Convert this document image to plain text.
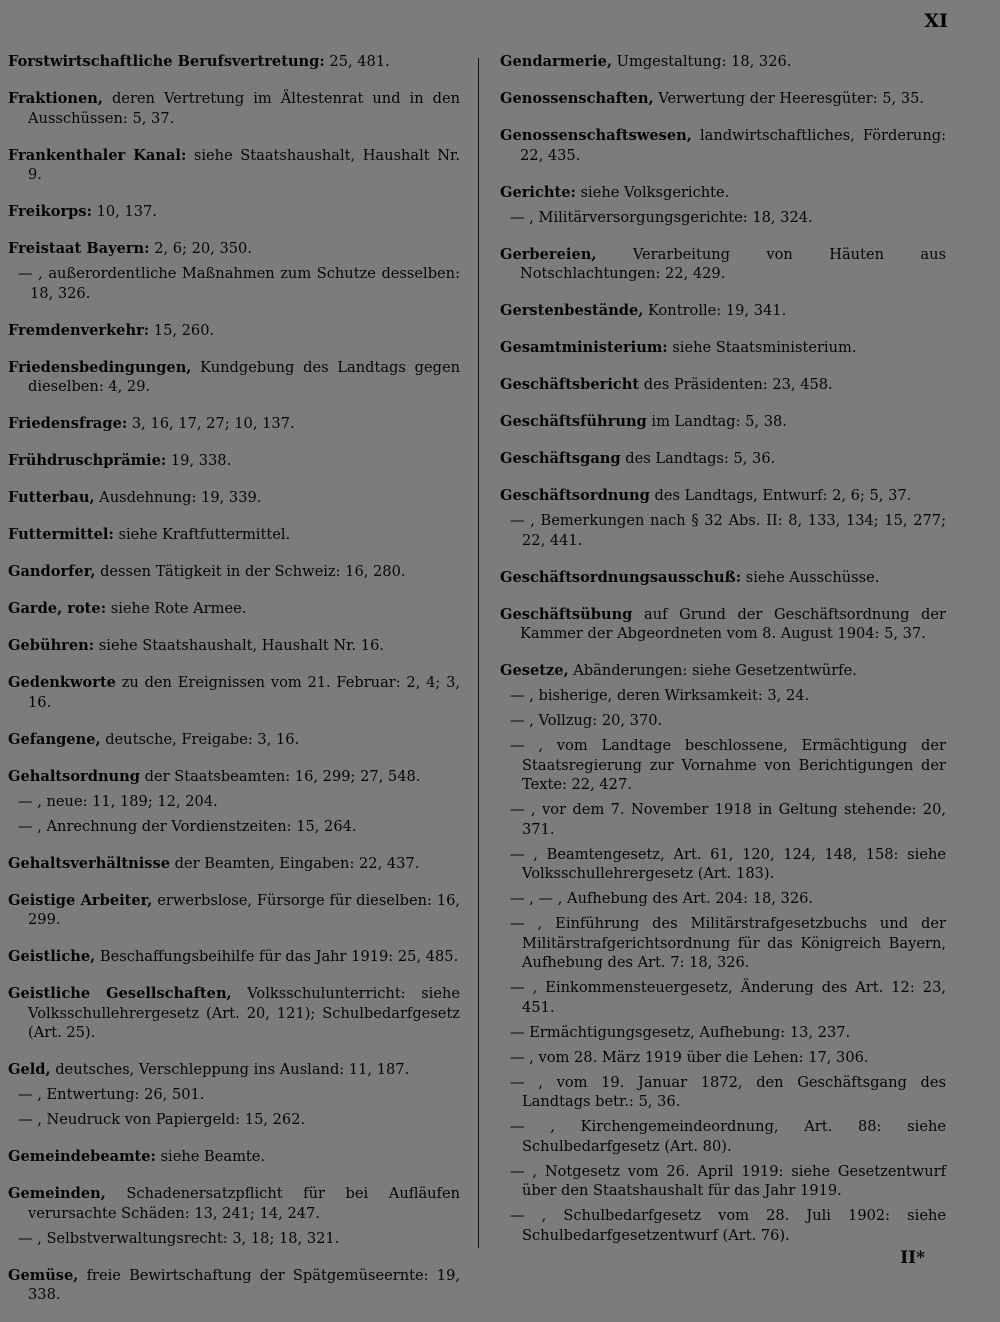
XI
Forstwirtschaftliche Berufsvertretung: 25, 481.
Fraktionen, deren Vertretung im Ältestenrat und in den Ausschüssen: 5, 37.
Frankenthaler Kanal: siehe Staatshaushalt, Haushalt Nr. 9.
Freikorps: 10, 137.
Freistaat Bayern: 2, 6; 20, 350.
— , außerordentliche Maßnahmen zum Schutze desselben: 18, 326.
Fremdenverkehr: 15, 260.
Friedensbedingungen, Kundgebung des Landtags gegen dieselben: 4, 29.
Friedensfrage: 3, 16, 17, 27; 10, 137.
Frühdruschprämie: 19, 338.
Futterbau, Ausdehnung: 19, 339.
Futtermittel: siehe Kraftfuttermittel.
Gandorfer, dessen Tätigkeit in der Schweiz: 16, 280.
Garde, rote: siehe Rote Armee.
Gebühren: siehe Staatshaushalt, Haushalt Nr. 16.
Gedenkworte zu den Ereignissen vom 21. Februar: 2, 4; 3, 16.
Gefangene, deutsche, Freigabe: 3, 16.
Gehaltsordnung der Staatsbeamten: 16, 299; 27, 548.
— , neue: 11, 189; 12, 204.
— , Anrechnung der Vordienstzeiten: 15, 264.
Gehaltsverhältnisse der Beamten, Eingaben: 22, 437.
Geistige Arbeiter, erwerbslose, Fürsorge für dieselben: 16, 299.
Geistliche, Beschaffungsbeihilfe für das Jahr 1919: 25, 485.
Geistliche Gesellschaften, Volksschulunterricht: siehe Volksschullehrergesetz (Art. 20, 121); Schulbedarfgesetz (Art. 25).
Geld, deutsches, Verschleppung ins Ausland: 11, 187.
— , Entwertung: 26, 501.
— , Neudruck von Papiergeld: 15, 262.
Gemeindebeamte: siehe Beamte.
Gemeinden, Schadenersatzpflicht für bei Aufläufen verursachte Schäden: 13, 241; 14, 247.
— , Selbstverwaltungsrecht: 3, 18; 18, 321.
Gemüse, freie Bewirtschaftung der Spätgemüseernte: 19, 338.
Gendarmerie, Umgestaltung: 18, 326.
Genossenschaften, Verwertung der Heeresgüter: 5, 35.
Genossenschaftswesen, landwirtschaftliches, Förderung: 22, 435.
Gerichte: siehe Volksgerichte.
— , Militärversorgungsgerichte: 18, 324.
Gerbereien, Verarbeitung von Häuten aus Notschlachtungen: 22, 429.
Gerstenbestände, Kontrolle: 19, 341.
Gesamtministerium: siehe Staatsministerium.
Geschäftsbericht des Präsidenten: 23, 458.
Geschäftsführung im Landtag: 5, 38.
Geschäftsgang des Landtags: 5, 36.
Geschäftsordnung des Landtags, Entwurf: 2, 6; 5, 37.
— , Bemerkungen nach § 32 Abs. II: 8, 133, 134; 15, 277; 22, 441.
Geschäftsordnungsausschuß: siehe Ausschüsse.
Geschäftsübung auf Grund der Geschäftsordnung der Kammer der Abgeordneten vom 8. August 1904: 5, 37.
Gesetze, Abänderungen: siehe Gesetzentwürfe.
— , bisherige, deren Wirksamkeit: 3, 24.
— , Vollzug: 20, 370.
— , vom Landtage beschlossene, Ermächtigung der Staatsregierung zur Vornahme von Berichtigungen der Texte: 22, 427.
— , vor dem 7. November 1918 in Geltung stehende: 20, 371.
— , Beamtengesetz, Art. 61, 120, 124, 148, 158: siehe Volksschullehrergesetz (Art. 183).
— , — , Aufhebung des Art. 204: 18, 326.
— , Einführung des Militärstrafgesetzbuchs und der Militärstrafgerichtsordnung für das Königreich Bayern, Aufhebung des Art. 7: 18, 326.
— , Einkommensteuergesetz, Änderung des Art. 12: 23, 451.
— Ermächtigungsgesetz, Aufhebung: 13, 237.
— , vom 28. März 1919 über die Lehen: 17, 306.
— , vom 19. Januar 1872, den Geschäftsgang des Landtags betr.: 5, 36.
— , Kirchengemeindeordnung, Art. 88: siehe Schulbedarfgesetz (Art. 80).
— , Notgesetz vom 26. April 1919: siehe Gesetzentwurf über den Staatshaushalt für das Jahr 1919.
— , Schulbedarfgesetz vom 28. Juli 1902: siehe Schulbedarfgesetzentwurf (Art. 76).
II*
